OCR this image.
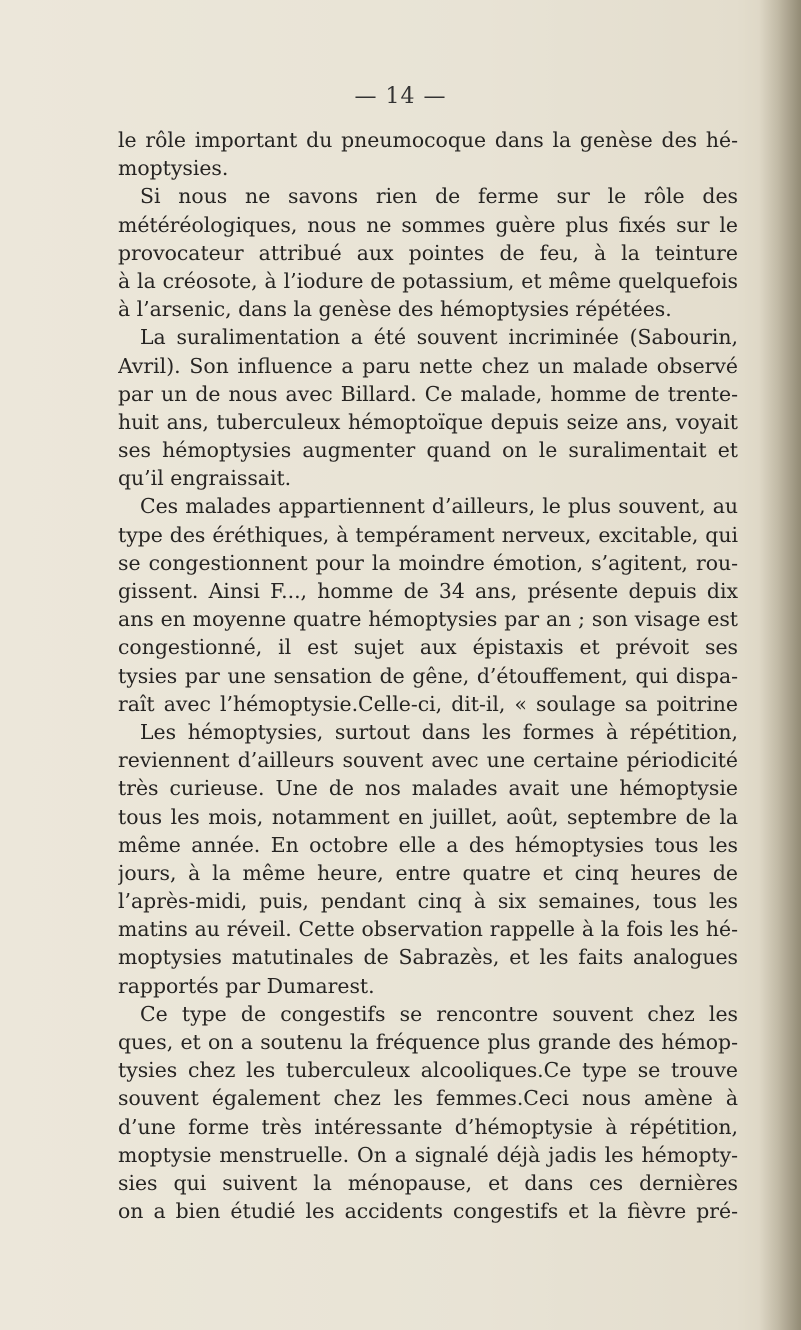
— 14 —
le rôle important du pneumocoque dans la genèse des hé-
moptysies.
Si nous ne savons rien de ferme sur le rôle des
météréologiques, nous ne sommes guère plus fixés sur le
provocateur attribué aux pointes de feu, à la teinture
à la créosote, à l’iodure de potassium, et même quelquefois
à l’arsenic, dans la genèse des hémoptysies répétées.
La suralimentation a été souvent incriminée (Sabourin,
Avril). Son influence a paru nette chez un malade observé
par un de nous avec Billard. Ce malade, homme de trente-
huit ans, tuberculeux hémoptoïque depuis seize ans, voyait
ses hémoptysies augmenter quand on le suralimentait et
qu’il engraissait.
Ces malades appartiennent d’ailleurs, le plus souvent, au
type des éréthiques, à tempérament nerveux, excitable, qui
se congestionnent pour la moindre émotion, s’agitent, rou-
gissent. Ainsi F..., homme de 34 ans, présente depuis dix
ans en moyenne quatre hémoptysies par an ; son visage est
congestionné, il est sujet aux épistaxis et prévoit ses
tysies par une sensation de gêne, d’étouffement, qui dispa-
raît avec l’hémoptysie.Celle-ci, dit-il, « soulage sa poitrine
Les hémoptysies, surtout dans les formes à répétition,
reviennent d’ailleurs souvent avec une certaine périodicité
très curieuse. Une de nos malades avait une hémoptysie
tous les mois, notamment en juillet, août, septembre de la
même année. En octobre elle a des hémoptysies tous les
jours, à la même heure, entre quatre et cinq heures de
l’après-midi, puis, pendant cinq à six semaines, tous les
matins au réveil. Cette observation rappelle à la fois les hé-
moptysies matutinales de Sabrazès, et les faits analogues
rapportés par Dumarest.
Ce type de congestifs se rencontre souvent chez les
ques, et on a soutenu la fréquence plus grande des hémop-
tysies chez les tuberculeux alcooliques.Ce type se trouve
souvent également chez les femmes.Ceci nous amène à
d’une forme très intéressante d’hémoptysie à répétition,
moptysie menstruelle. On a signalé déjà jadis les hémopty-
sies qui suivent la ménopause, et dans ces dernières
on a bien étudié les accidents congestifs et la fièvre pré-
